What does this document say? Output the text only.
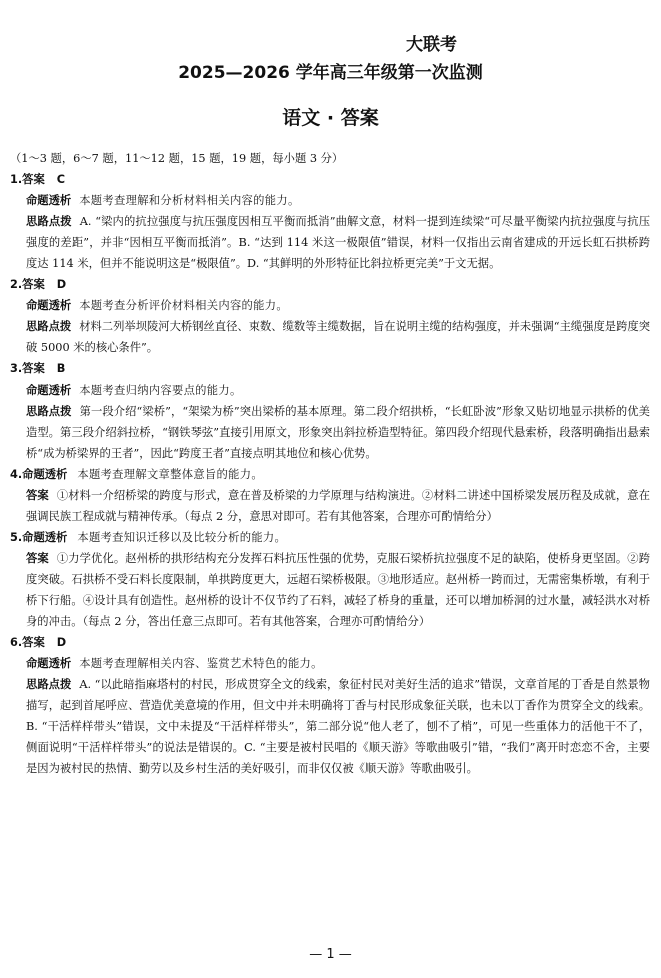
大联考
2025—2026 学年高三年级第一次监测
语文 · 答案
（1～3 题，6～7 题，11～12 题，15 题，19 题，每小题 3 分）
1.答案 C
命题透析 本题考查理解和分析材料相关内容的能力。
思路点拨 A. “梁内的抗拉强度与抗压强度因相互平衡而抵消”曲解文意，材料一提到连续梁“可尽量平衡梁内抗拉强度与抗压强度的差距”，并非“因相互平衡而抵消”。B. “达到 114 米这一极限值”错误，材料一仅指出云南省建成的开远长虹石拱桥跨度达 114 米，但并不能说明这是“极限值”。D. “其鲜明的外形特征比斜拉桥更完美”于文无据。
2.答案 D
命题透析 本题考查分析评价材料相关内容的能力。
思路点拨 材料二列举坝陵河大桥钢丝直径、束数、缆数等主缆数据，旨在说明主缆的结构强度，并未强调“主缆强度是跨度突破 5000 米的核心条件”。
3.答案 B
命题透析 本题考查归纳内容要点的能力。
思路点拨 第一段介绍“梁桥”，“架梁为桥”突出梁桥的基本原理。第二段介绍拱桥，“长虹卧波”形象又贴切地显示拱桥的优美造型。第三段介绍斜拉桥，“钢铁琴弦”直接引用原文，形象突出斜拉桥造型特征。第四段介绍现代悬索桥，段落明确指出悬索桥“成为桥梁界的王者”，因此“跨度王者”直接点明其地位和核心优势。
4.命题透析 本题考查理解文章整体意旨的能力。
答案 ①材料一介绍桥梁的跨度与形式，意在普及桥梁的力学原理与结构演进。②材料二讲述中国桥梁发展历程及成就，意在强调民族工程成就与精神传承。（每点 2 分，意思对即可。若有其他答案，合理亦可酌情给分）
5.命题透析 本题考查知识迁移以及比较分析的能力。
答案 ①力学优化。赵州桥的拱形结构充分发挥石料抗压性强的优势，克服石梁桥抗拉强度不足的缺陷，使桥身更坚固。②跨度突破。石拱桥不受石料长度限制，单拱跨度更大，远超石梁桥极限。③地形适应。赵州桥一跨而过，无需密集桥墩，有利于桥下行船。④设计具有创造性。赵州桥的设计不仅节约了石料，减轻了桥身的重量，还可以增加桥洞的过水量，减轻洪水对桥身的冲击。（每点 2 分，答出任意三点即可。若有其他答案，合理亦可酌情给分）
6.答案 D
命题透析 本题考查理解相关内容、鉴赏艺术特色的能力。
思路点拨 A. “以此暗指麻塔村的村民，形成贯穿全文的线索，象征村民对美好生活的追求”错误，文章首尾的丁香是自然景物描写，起到首尾呼应、营造优美意境的作用，但文中并未明确将丁香与村民形成象征关联，也未以丁香作为贯穿全文的线索。B. “干活样样带头”错误，文中未提及“干活样样带头”，第二部分说“他人老了，刨不了梢”，可见一些重体力的活他干不了，侧面说明“干活样样带头”的说法是错误的。C. “主要是被村民唱的《顺天游》等歌曲吸引”错，“我们”离开时恋恋不舍，主要是因为被村民的热情、勤劳以及乡村生活的美好吸引，而非仅仅被《顺天游》等歌曲吸引。
— 1 —
